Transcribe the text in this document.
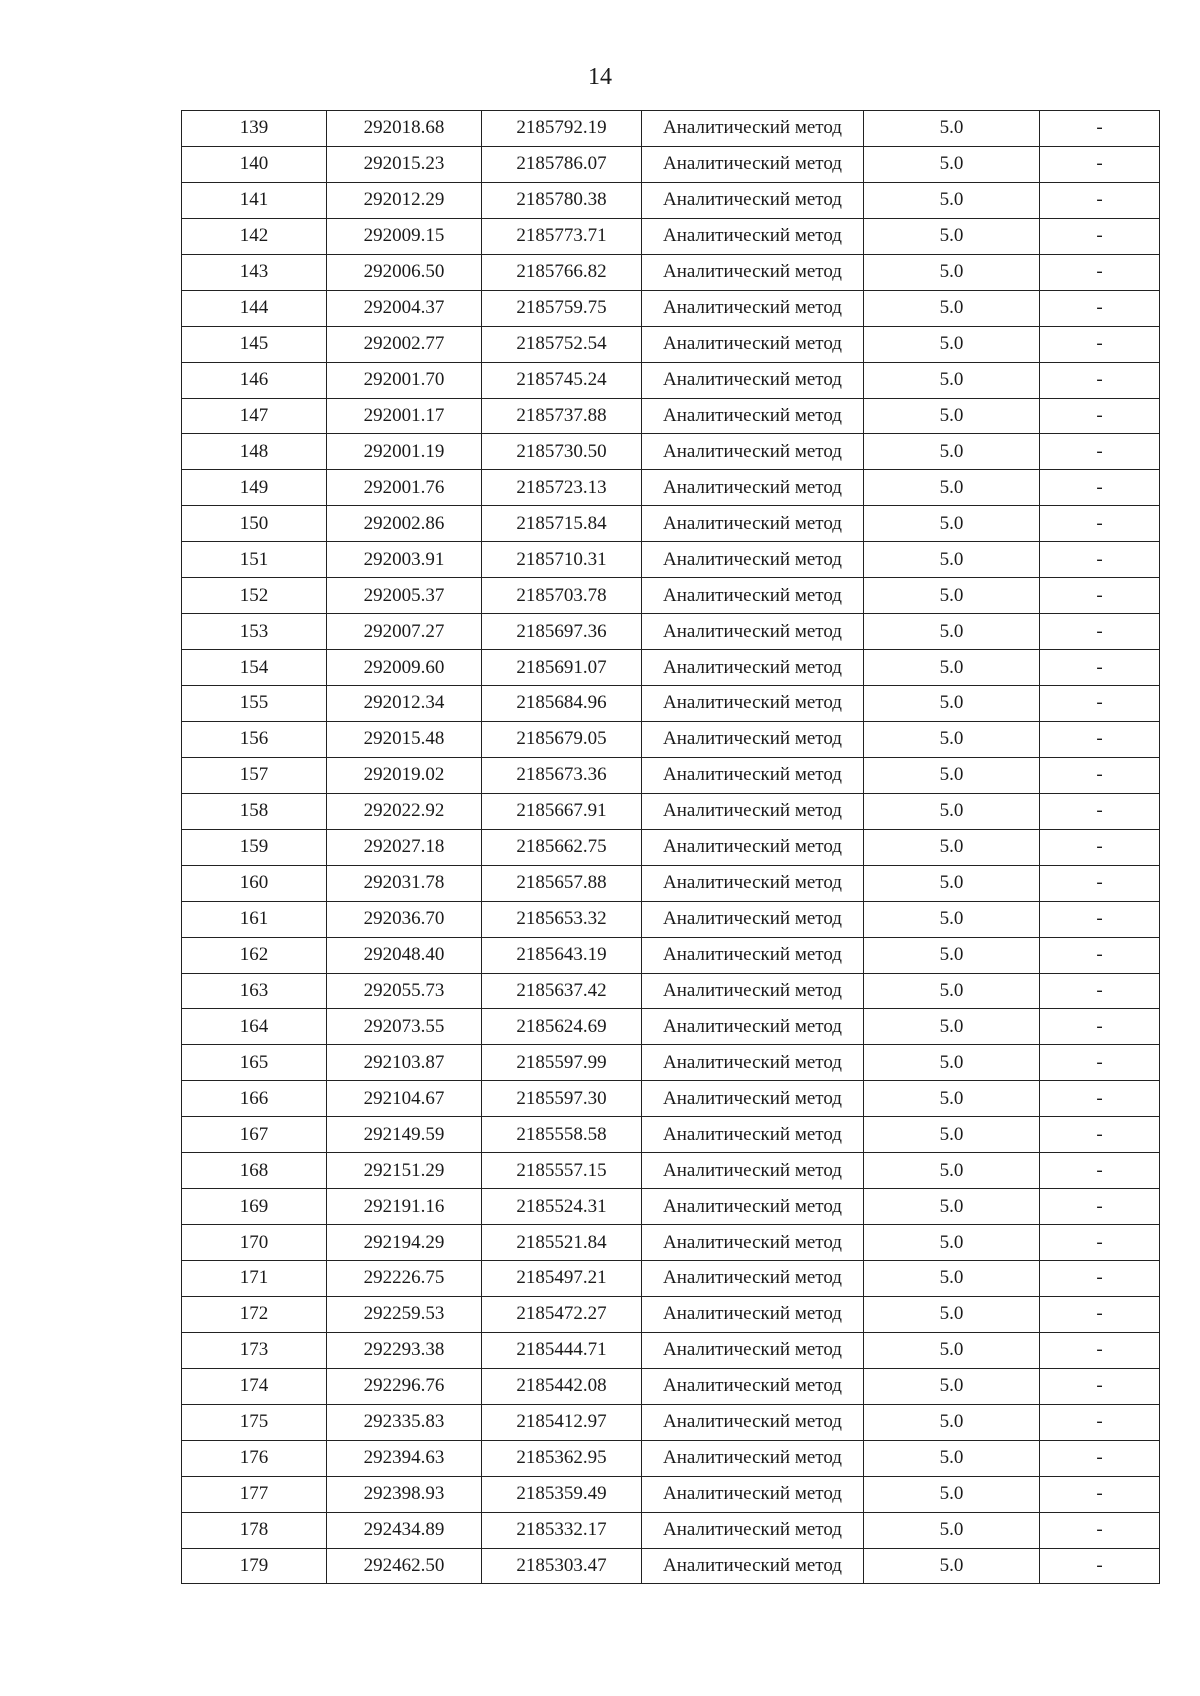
14
139	292018.68	2185792.19	Аналитический метод	5.0	-
140	292015.23	2185786.07	Аналитический метод	5.0	-
141	292012.29	2185780.38	Аналитический метод	5.0	-
142	292009.15	2185773.71	Аналитический метод	5.0	-
143	292006.50	2185766.82	Аналитический метод	5.0	-
144	292004.37	2185759.75	Аналитический метод	5.0	-
145	292002.77	2185752.54	Аналитический метод	5.0	-
146	292001.70	2185745.24	Аналитический метод	5.0	-
147	292001.17	2185737.88	Аналитический метод	5.0	-
148	292001.19	2185730.50	Аналитический метод	5.0	-
149	292001.76	2185723.13	Аналитический метод	5.0	-
150	292002.86	2185715.84	Аналитический метод	5.0	-
151	292003.91	2185710.31	Аналитический метод	5.0	-
152	292005.37	2185703.78	Аналитический метод	5.0	-
153	292007.27	2185697.36	Аналитический метод	5.0	-
154	292009.60	2185691.07	Аналитический метод	5.0	-
155	292012.34	2185684.96	Аналитический метод	5.0	-
156	292015.48	2185679.05	Аналитический метод	5.0	-
157	292019.02	2185673.36	Аналитический метод	5.0	-
158	292022.92	2185667.91	Аналитический метод	5.0	-
159	292027.18	2185662.75	Аналитический метод	5.0	-
160	292031.78	2185657.88	Аналитический метод	5.0	-
161	292036.70	2185653.32	Аналитический метод	5.0	-
162	292048.40	2185643.19	Аналитический метод	5.0	-
163	292055.73	2185637.42	Аналитический метод	5.0	-
164	292073.55	2185624.69	Аналитический метод	5.0	-
165	292103.87	2185597.99	Аналитический метод	5.0	-
166	292104.67	2185597.30	Аналитический метод	5.0	-
167	292149.59	2185558.58	Аналитический метод	5.0	-
168	292151.29	2185557.15	Аналитический метод	5.0	-
169	292191.16	2185524.31	Аналитический метод	5.0	-
170	292194.29	2185521.84	Аналитический метод	5.0	-
171	292226.75	2185497.21	Аналитический метод	5.0	-
172	292259.53	2185472.27	Аналитический метод	5.0	-
173	292293.38	2185444.71	Аналитический метод	5.0	-
174	292296.76	2185442.08	Аналитический метод	5.0	-
175	292335.83	2185412.97	Аналитический метод	5.0	-
176	292394.63	2185362.95	Аналитический метод	5.0	-
177	292398.93	2185359.49	Аналитический метод	5.0	-
178	292434.89	2185332.17	Аналитический метод	5.0	-
179	292462.50	2185303.47	Аналитический метод	5.0	-
